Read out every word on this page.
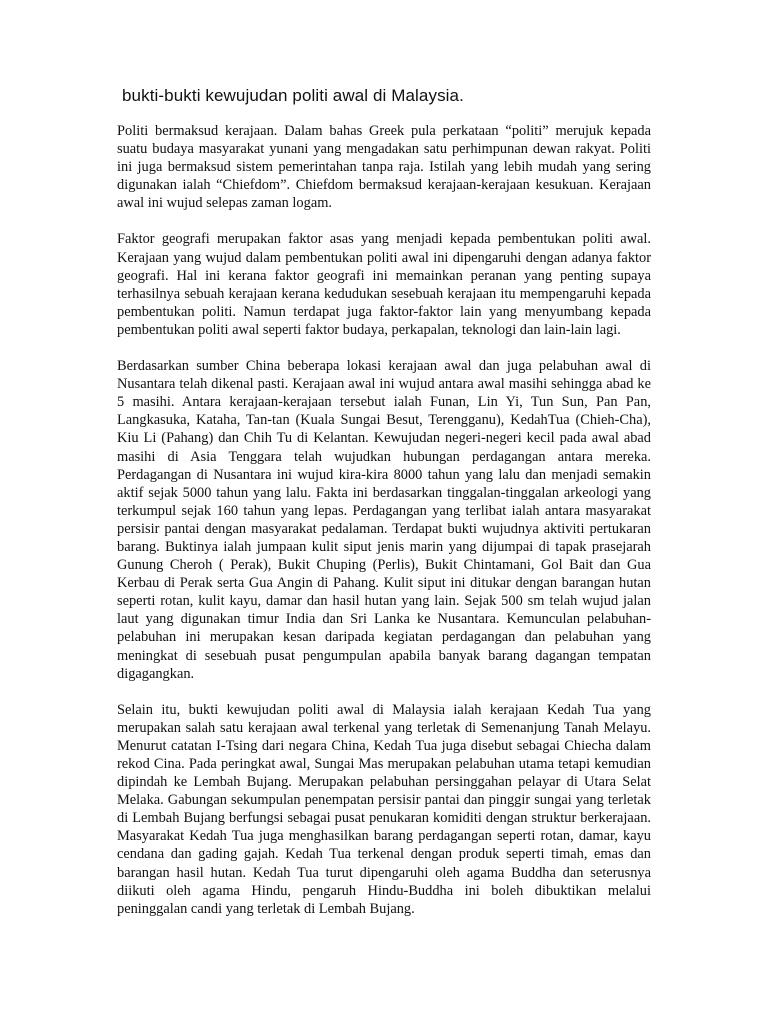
bukti-bukti kewujudan politi awal di Malaysia.

Politi bermaksud kerajaan. Dalam bahas Greek pula perkataan “politi” merujuk kepada suatu budaya masyarakat yunani yang mengadakan satu perhimpunan dewan rakyat. Politi ini juga bermaksud sistem pemerintahan tanpa raja. Istilah yang lebih mudah yang sering digunakan ialah “Chiefdom”. Chiefdom bermaksud kerajaan-kerajaan kesukuan. Kerajaan awal ini wujud selepas zaman logam.

Faktor geografi merupakan faktor asas yang menjadi kepada pembentukan politi awal. Kerajaan yang wujud dalam pembentukan politi awal ini dipengaruhi dengan adanya faktor geografi. Hal ini kerana faktor geografi ini memainkan peranan yang penting supaya terhasilnya sebuah kerajaan kerana kedudukan sesebuah kerajaan itu mempengaruhi kepada pembentukan politi. Namun terdapat juga faktor-faktor lain yang menyumbang kepada pembentukan politi awal seperti faktor budaya, perkapalan, teknologi dan lain-lain lagi.

Berdasarkan sumber China beberapa lokasi kerajaan awal dan juga pelabuhan awal di Nusantara telah dikenal pasti. Kerajaan awal ini wujud antara awal masihi sehingga abad ke 5 masihi. Antara kerajaan-kerajaan tersebut ialah Funan, Lin Yi, Tun Sun, Pan Pan, Langkasuka, Kataha, Tan-tan (Kuala Sungai Besut, Terengganu), KedahTua (Chieh-Cha), Kiu Li (Pahang) dan Chih Tu di Kelantan. Kewujudan negeri-negeri kecil pada awal abad masihi di Asia Tenggara telah wujudkan hubungan perdagangan antara mereka. Perdagangan di Nusantara ini wujud kira-kira 8000 tahun yang lalu dan menjadi semakin aktif sejak 5000 tahun yang lalu. Fakta ini berdasarkan tinggalan-tinggalan arkeologi yang terkumpul sejak 160 tahun yang lepas. Perdagangan yang terlibat ialah antara masyarakat persisir pantai dengan masyarakat pedalaman. Terdapat bukti wujudnya aktiviti pertukaran barang. Buktinya ialah jumpaan kulit siput jenis marin yang dijumpai di tapak prasejarah Gunung Cheroh ( Perak), Bukit Chuping (Perlis), Bukit Chintamani, Gol Bait dan Gua Kerbau di Perak serta Gua Angin di Pahang. Kulit siput ini ditukar dengan barangan hutan seperti rotan, kulit kayu, damar dan hasil hutan yang lain. Sejak 500 sm telah wujud jalan laut yang digunakan timur India dan Sri Lanka ke Nusantara. Kemunculan pelabuhan-pelabuhan ini merupakan kesan daripada kegiatan perdagangan dan pelabuhan yang meningkat di sesebuah pusat pengumpulan apabila banyak barang dagangan tempatan digagangkan.

Selain itu, bukti kewujudan politi awal di Malaysia ialah kerajaan Kedah Tua yang merupakan salah satu kerajaan awal terkenal yang terletak di Semenanjung Tanah Melayu. Menurut catatan I-Tsing dari negara China, Kedah Tua juga disebut sebagai Chiecha dalam rekod Cina. Pada peringkat awal, Sungai Mas merupakan pelabuhan utama tetapi kemudian dipindah ke Lembah Bujang. Merupakan pelabuhan persinggahan pelayar di Utara Selat Melaka. Gabungan sekumpulan penempatan persisir pantai dan pinggir sungai yang terletak di Lembah Bujang berfungsi sebagai pusat penukaran komiditi dengan struktur berkerajaan. Masyarakat Kedah Tua juga menghasilkan barang perdagangan seperti rotan, damar, kayu cendana dan gading gajah. Kedah Tua terkenal dengan produk seperti timah, emas dan barangan hasil hutan. Kedah Tua turut dipengaruhi oleh agama Buddha dan seterusnya diikuti oleh agama Hindu, pengaruh Hindu-Buddha ini boleh dibuktikan melalui peninggalan candi yang terletak di Lembah Bujang.
